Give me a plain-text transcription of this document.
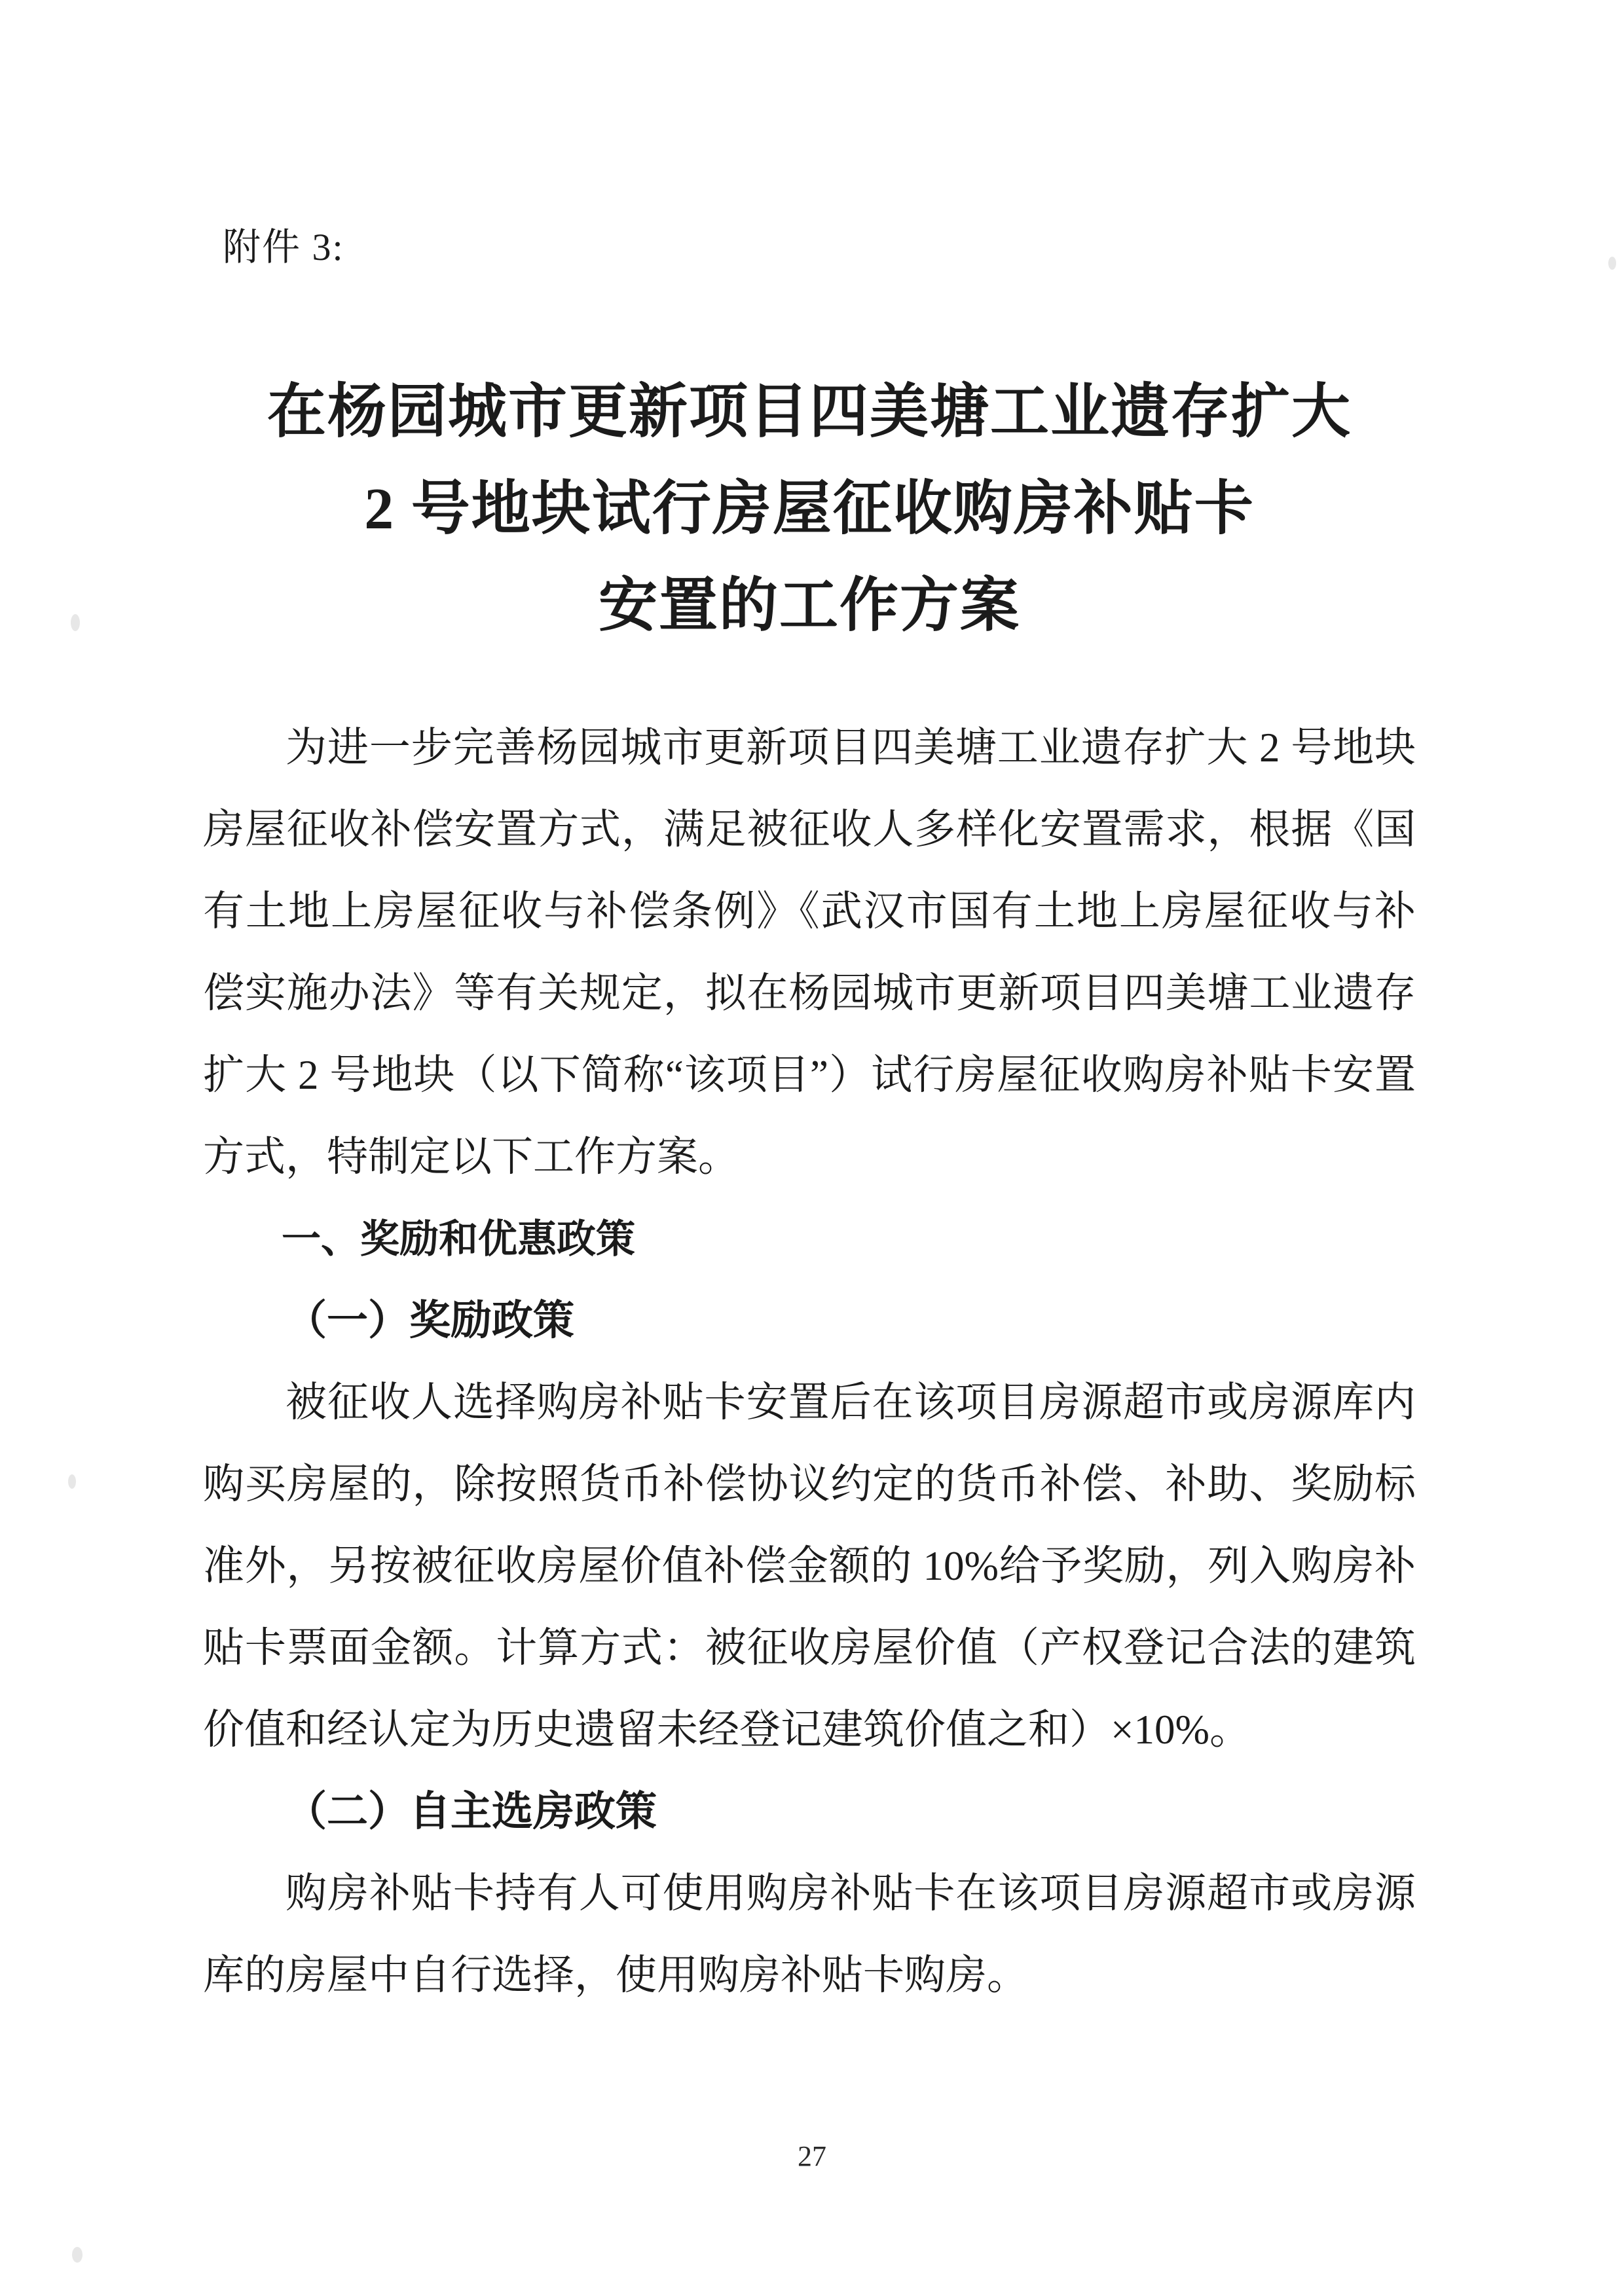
附件 3:
在杨园城市更新项目四美塘工业遗存扩大
2 号地块试行房屋征收购房补贴卡
安置的工作方案

为进一步完善杨园城市更新项目四美塘工业遗存扩大 2 号地块房屋征收补偿安置方式，满足被征收人多样化安置需求，根据《国有土地上房屋征收与补偿条例》《武汉市国有土地上房屋征收与补偿实施办法》等有关规定，拟在杨园城市更新项目四美塘工业遗存扩大 2 号地块（以下简称“该项目”）试行房屋征收购房补贴卡安置方式，特制定以下工作方案。

一、奖励和优惠政策

（一）奖励政策

被征收人选择购房补贴卡安置后在该项目房源超市或房源库内购买房屋的，除按照货币补偿协议约定的货币补偿、补助、奖励标准外，另按被征收房屋价值补偿金额的 10%给予奖励，列入购房补贴卡票面金额。计算方式：被征收房屋价值（产权登记合法的建筑价值和经认定为历史遗留未经登记建筑价值之和）×10%。

（二）自主选房政策

购房补贴卡持有人可使用购房补贴卡在该项目房源超市或房源库的房屋中自行选择，使用购房补贴卡购房。

27
